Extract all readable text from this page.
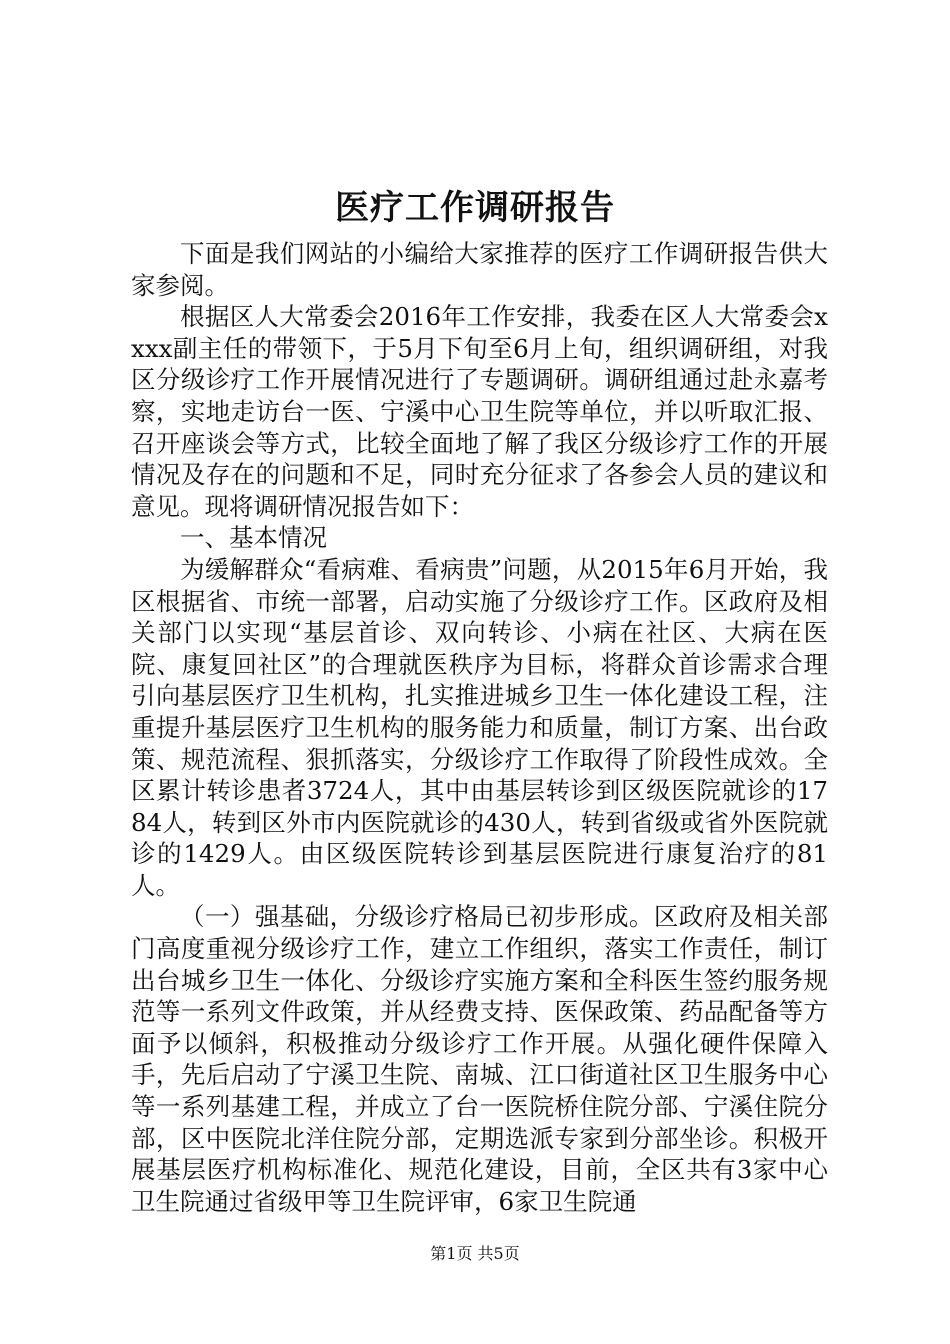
医疗工作调研报告

下面是我们网站的小编给大家推荐的医疗工作调研报告供大家参阅。

根据区人大常委会2016年工作安排，我委在区人大常委会xxxx副主任的带领下，于5月下旬至6月上旬，组织调研组，对我区分级诊疗工作开展情况进行了专题调研。调研组通过赴永嘉考察，实地走访台一医、宁溪中心卫生院等单位，并以听取汇报、召开座谈会等方式，比较全面地了解了我区分级诊疗工作的开展情况及存在的问题和不足，同时充分征求了各参会人员的建议和意见。现将调研情况报告如下：

一、基本情况

为缓解群众“看病难、看病贵”问题，从2015年6月开始，我区根据省、市统一部署，启动实施了分级诊疗工作。区政府及相关部门以实现“基层首诊、双向转诊、小病在社区、大病在医院、康复回社区”的合理就医秩序为目标，将群众首诊需求合理引向基层医疗卫生机构，扎实推进城乡卫生一体化建设工程，注重提升基层医疗卫生机构的服务能力和质量，制订方案、出台政策、规范流程、狠抓落实，分级诊疗工作取得了阶段性成效。全区累计转诊患者3724人，其中由基层转诊到区级医院就诊的1784人，转到区外市内医院就诊的430人，转到省级或省外医院就诊的1429人。由区级医院转诊到基层医院进行康复治疗的81人。

（一）强基础，分级诊疗格局已初步形成。区政府及相关部门高度重视分级诊疗工作，建立工作组织，落实工作责任，制订出台城乡卫生一体化、分级诊疗实施方案和全科医生签约服务规范等一系列文件政策，并从经费支持、医保政策、药品配备等方面予以倾斜，积极推动分级诊疗工作开展。从强化硬件保障入手，先后启动了宁溪卫生院、南城、江口街道社区卫生服务中心等一系列基建工程，并成立了台一医院桥住院分部、宁溪住院分部，区中医院北洋住院分部，定期选派专家到分部坐诊。积极开展基层医疗机构标准化、规范化建设，目前，全区共有3家中心卫生院通过省级甲等卫生院评审，6家卫生院通

第1页 共5页
